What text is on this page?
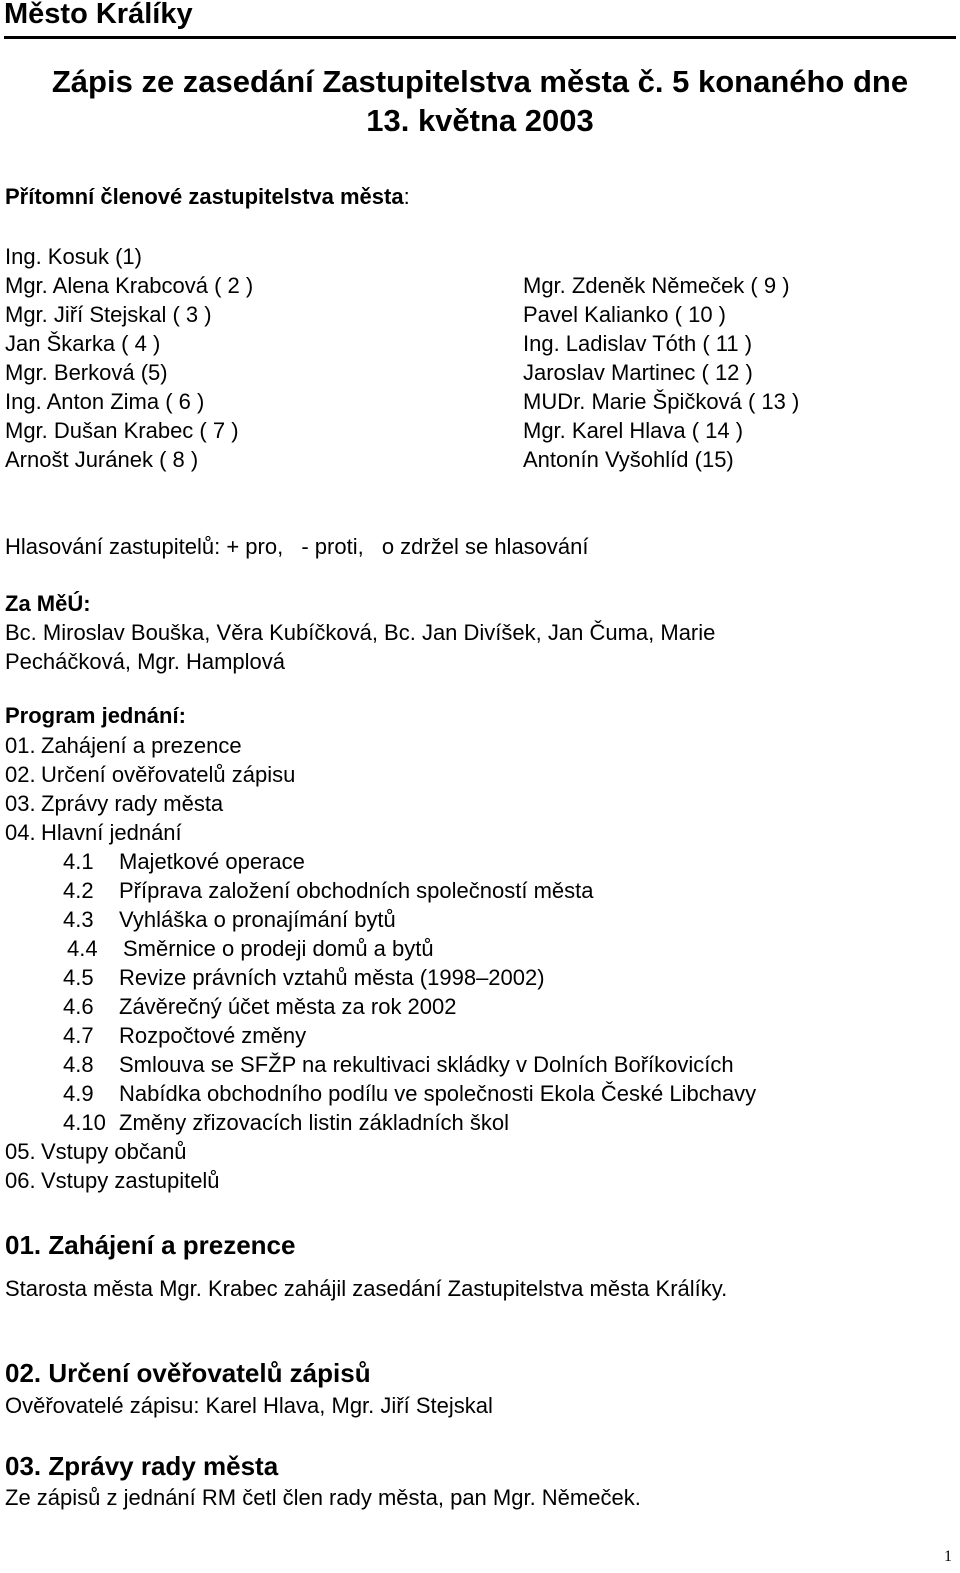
Město Králíky
Zápis ze zasedání Zastupitelstva města č. 5 konaného dne
13. května 2003
Přítomní členové zastupitelstva města:
Ing. Kosuk (1)
Mgr. Alena Krabcová ( 2 )
Mgr. Jiří Stejskal ( 3 )
Jan Škarka ( 4 )
Mgr. Berková (5)
Ing. Anton Zima ( 6 )
Mgr. Dušan Krabec ( 7 )
Arnošt Juránek ( 8 )
Mgr. Zdeněk Němeček ( 9 )
Pavel Kalianko ( 10 )
Ing. Ladislav Tóth ( 11 )
Jaroslav Martinec ( 12 )
MUDr. Marie Špičková ( 13 )
Mgr. Karel Hlava ( 14 )
Antonín Vyšohlíd (15)
Hlasování zastupitelů: + pro, - proti, o zdržel se hlasování
Za MěÚ:
Bc. Miroslav Bouška, Věra Kubíčková, Bc. Jan Divíšek, Jan Čuma, Marie
Pecháčková, Mgr. Hamplová
Program jednání:
01. Zahájení a prezence
02. Určení ověřovatelů zápisu
03. Zprávy rady města
04. Hlavní jednání
4.1 Majetkové operace
4.2 Příprava založení obchodních společností města
4.3 Vyhláška o pronajímání bytů
4.4 Směrnice o prodeji domů a bytů
4.5 Revize právních vztahů města (1998–2002)
4.6 Závěrečný účet města za rok 2002
4.7 Rozpočtové změny
4.8 Smlouva se SFŽP na rekultivaci skládky v Dolních Boříkovicích
4.9 Nabídka obchodního podílu ve společnosti Ekola České Libchavy
4.10 Změny zřizovacích listin základních škol
05. Vstupy občanů
06. Vstupy zastupitelů
01. Zahájení a prezence
Starosta města Mgr. Krabec zahájil zasedání Zastupitelstva města Králíky.
02. Určení ověřovatelů zápisů
Ověřovatelé zápisu: Karel Hlava, Mgr. Jiří Stejskal
03. Zprávy rady města
Ze zápisů z jednání RM četl člen rady města, pan Mgr. Němeček.
1
